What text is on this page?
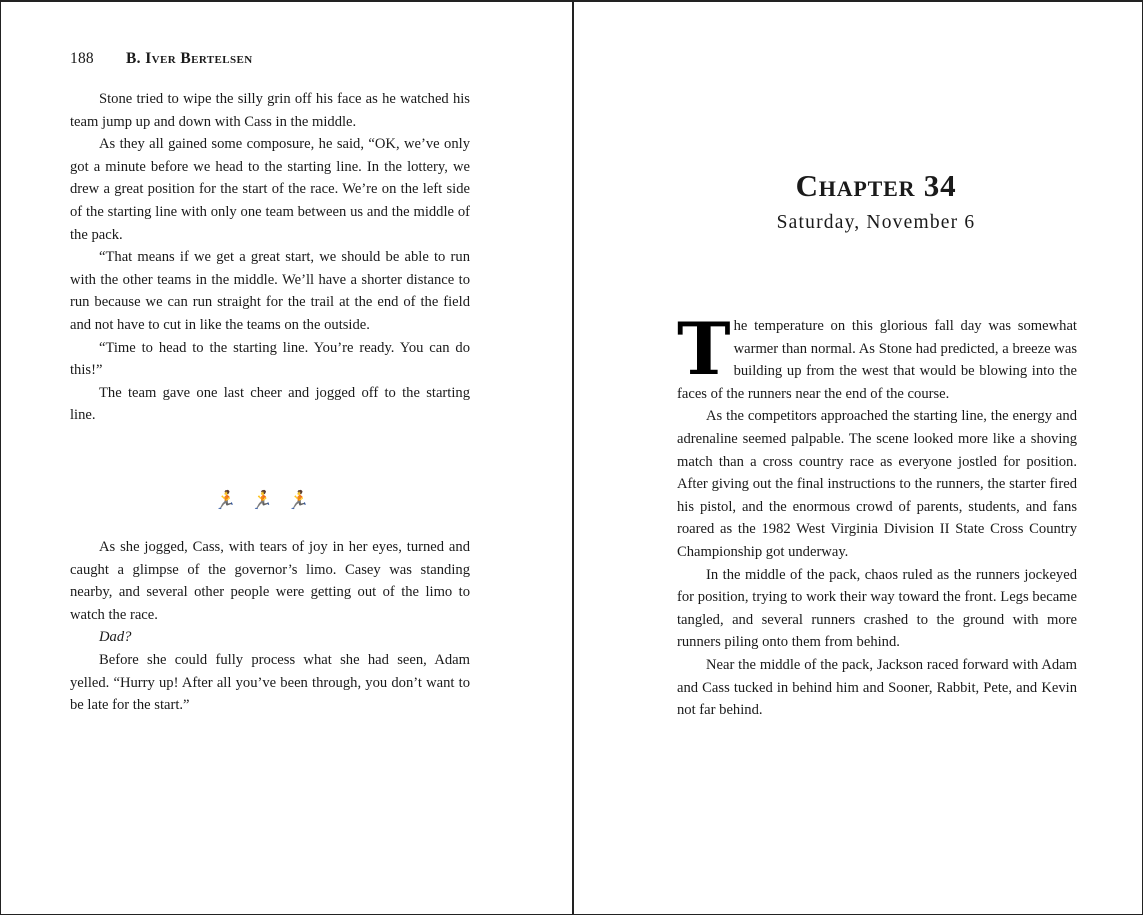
188 B. Iver Bertelsen

Stone tried to wipe the silly grin off his face as he watched his team jump up and down with Cass in the middle.

As they all gained some composure, he said, “OK, we’ve only got a minute before we head to the starting line. In the lottery, we drew a great position for the start of the race. We’re on the left side of the starting line with only one team between us and the middle of the pack.

“That means if we get a great start, we should be able to run with the other teams in the middle. We’ll have a shorter distance to run because we can run straight for the trail at the end of the field and not have to cut in like the teams on the outside.

“Time to head to the starting line. You’re ready. You can do this!”

The team gave one last cheer and jogged off to the starting line.

🏃🏃🏃

As she jogged, Cass, with tears of joy in her eyes, turned and caught a glimpse of the governor’s limo. Casey was standing nearby, and several other people were getting out of the limo to watch the race.

Dad?

Before she could fully process what she had seen, Adam yelled. “Hurry up! After all you’ve been through, you don’t want to be late for the start.”

Chapter 34
Saturday, November 6

The temperature on this glorious fall day was somewhat warmer than normal. As Stone had predicted, a breeze was building up from the west that would be blowing into the faces of the runners near the end of the course.

As the competitors approached the starting line, the energy and adrenaline seemed palpable. The scene looked more like a shoving match than a cross country race as everyone jostled for position. After giving out the final instructions to the runners, the starter fired his pistol, and the enormous crowd of parents, students, and fans roared as the 1982 West Virginia Division II State Cross Country Championship got underway.

In the middle of the pack, chaos ruled as the runners jockeyed for position, trying to work their way toward the front. Legs became tangled, and several runners crashed to the ground with more runners piling onto them from behind.

Near the middle of the pack, Jackson raced forward with Adam and Cass tucked in behind him and Sooner, Rabbit, Pete, and Kevin not far behind.
